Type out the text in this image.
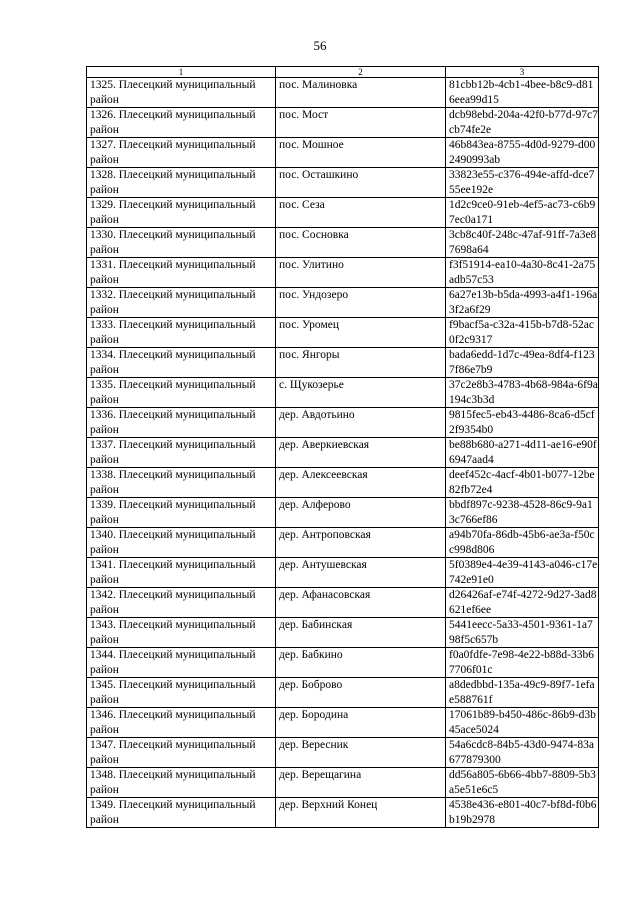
56
1	2	3
1325. Плесецкий муниципальный район	пос. Малиновка	81cbb12b-4cb1-4bee-b8c9-d816eea99d15
1326. Плесецкий муниципальный район	пос. Мост	dcb98ebd-204a-42f0-b77d-97c7cb74fe2e
1327. Плесецкий муниципальный район	пос. Мошное	46b843ea-8755-4d0d-9279-d002490993ab
1328. Плесецкий муниципальный район	пос. Осташкино	33823e55-c376-494e-affd-dce755ee192e
1329. Плесецкий муниципальный район	пос. Сеза	1d2c9ce0-91eb-4ef5-ac73-c6b97ec0a171
1330. Плесецкий муниципальный район	пос. Сосновка	3cb8c40f-248c-47af-91ff-7a3e87698a64
1331. Плесецкий муниципальный район	пос. Улитино	f3f51914-ea10-4a30-8c41-2a75adb57c53
1332. Плесецкий муниципальный район	пос. Ундозеро	6a27e13b-b5da-4993-a4f1-196a3f2a6f29
1333. Плесецкий муниципальный район	пос. Уромец	f9bacf5a-c32a-415b-b7d8-52ac0f2c9317
1334. Плесецкий муниципальный район	пос. Янгоры	bada6edd-1d7c-49ea-8df4-f1237f86e7b9
1335. Плесецкий муниципальный район	с. Щукозерье	37c2e8b3-4783-4b68-984a-6f9a194c3b3d
1336. Плесецкий муниципальный район	дер. Авдотьино	9815fec5-eb43-4486-8ca6-d5cf2f9354b0
1337. Плесецкий муниципальный район	дер. Аверкиевская	be88b680-a271-4d11-ae16-e90f6947aad4
1338. Плесецкий муниципальный район	дер. Алексеевская	deef452c-4acf-4b01-b077-12be82fb72e4
1339. Плесецкий муниципальный район	дер. Алферово	bbdf897c-9238-4528-86c9-9a13c766ef86
1340. Плесецкий муниципальный район	дер. Антроповская	a94b70fa-86db-45b6-ae3a-f50cc998d806
1341. Плесецкий муниципальный район	дер. Антушевская	5f0389e4-4e39-4143-a046-c17e742e91e0
1342. Плесецкий муниципальный район	дер. Афанасовская	d26426af-e74f-4272-9d27-3ad8621ef6ee
1343. Плесецкий муниципальный район	дер. Бабинская	5441eecc-5a33-4501-9361-1a798f5c657b
1344. Плесецкий муниципальный район	дер. Бабкино	f0a0fdfe-7e98-4e22-b88d-33b67706f01c
1345. Плесецкий муниципальный район	дер. Боброво	a8dedbbd-135a-49c9-89f7-1efae588761f
1346. Плесецкий муниципальный район	дер. Бородина	17061b89-b450-486c-86b9-d3b45ace5024
1347. Плесецкий муниципальный район	дер. Вересник	54a6cdc8-84b5-43d0-9474-83a677879300
1348. Плесецкий муниципальный район	дер. Верещагина	dd56a805-6b66-4bb7-8809-5b3a5e51e6c5
1349. Плесецкий муниципальный район	дер. Верхний Конец	4538e436-e801-40c7-bf8d-f0b6b19b2978
